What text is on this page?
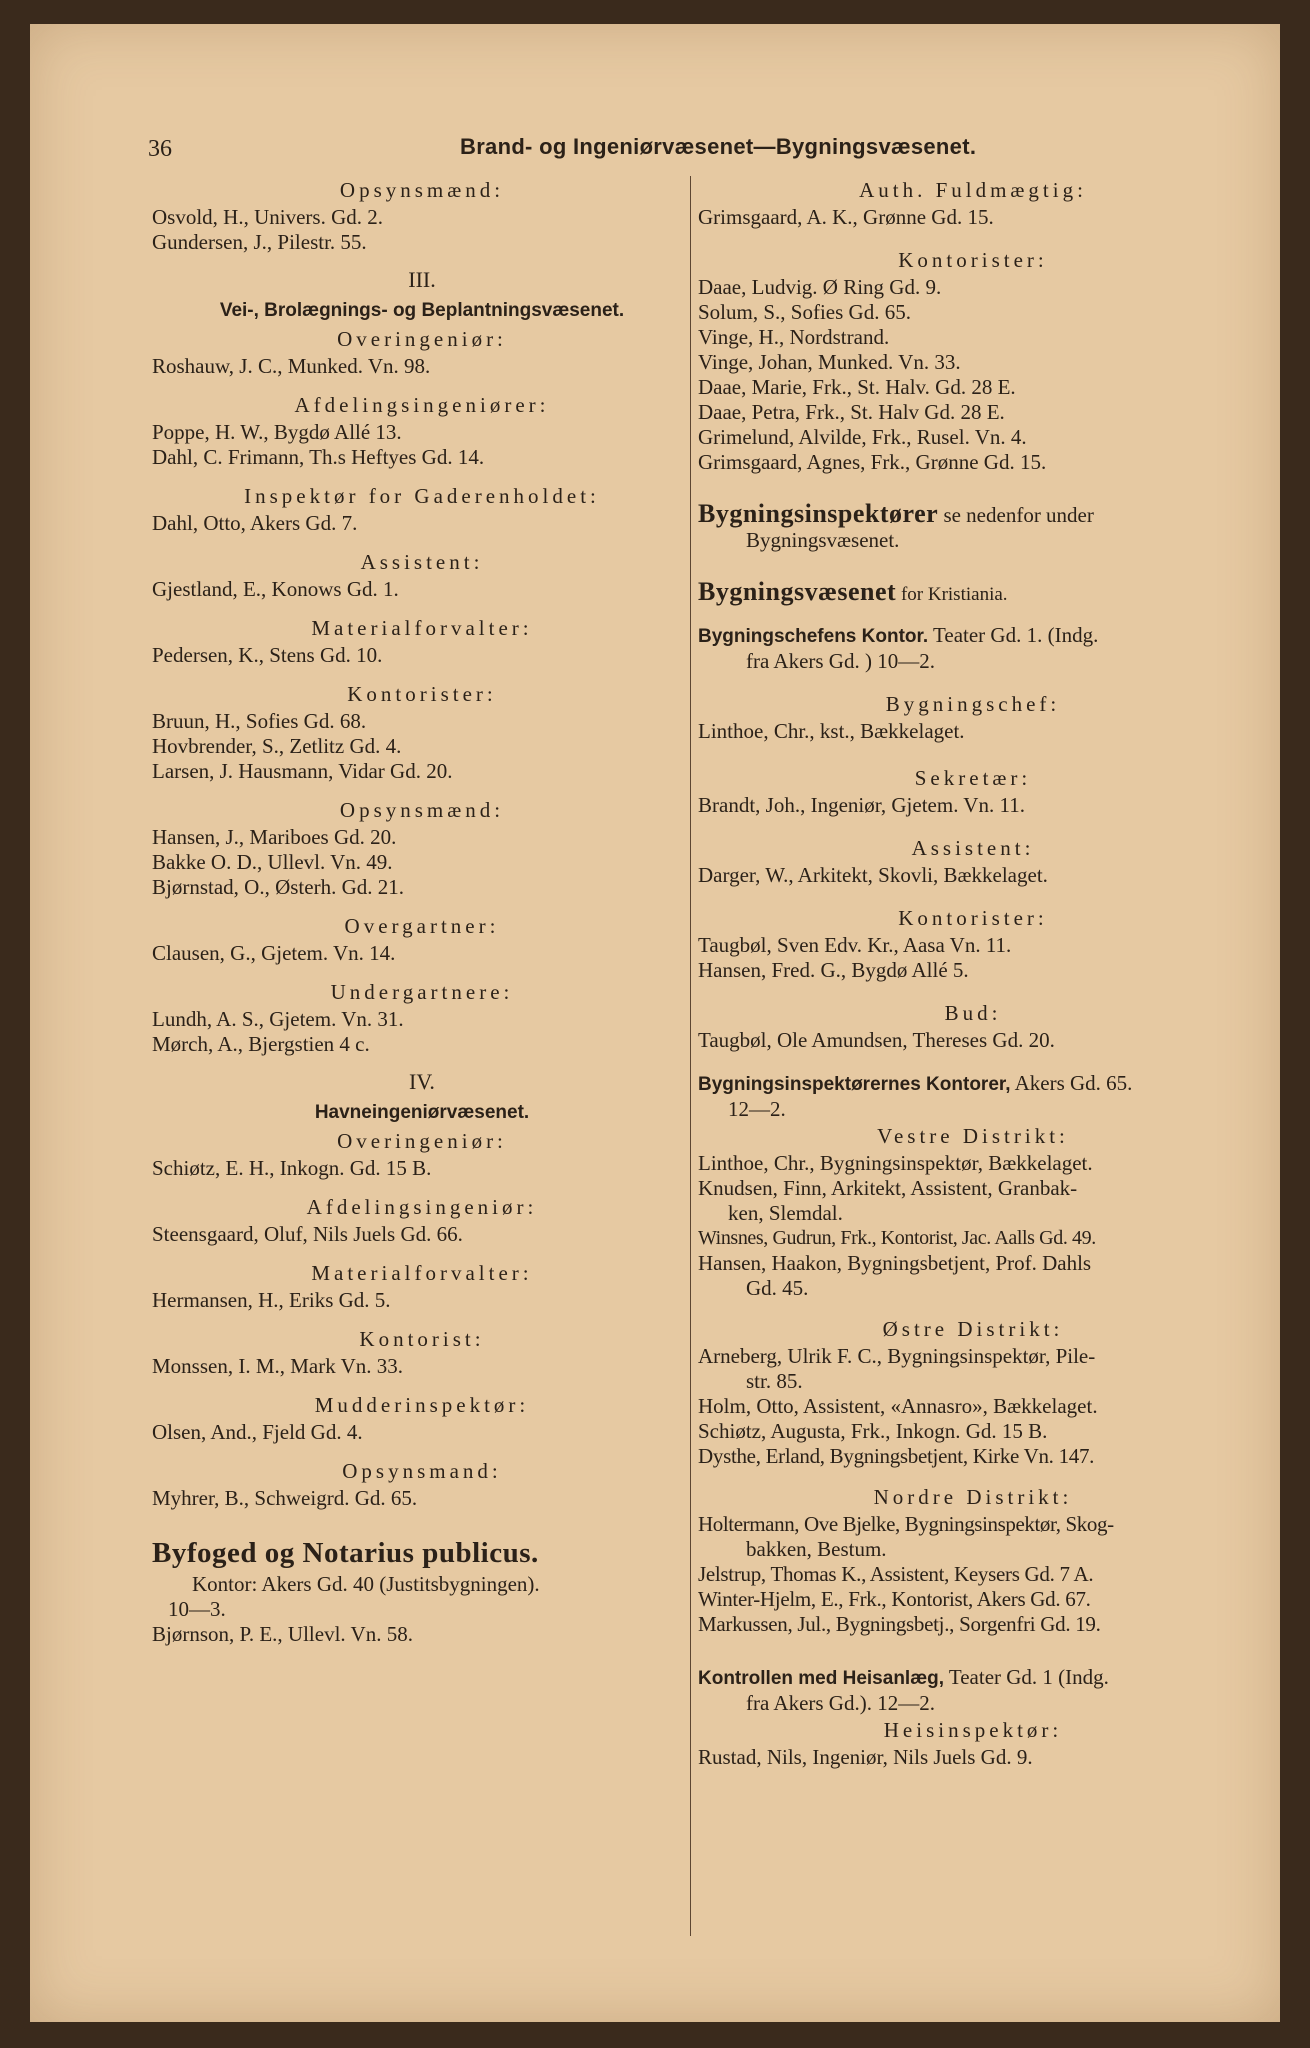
36	Brand- og Ingeniørvæsenet—Bygningsvæsenet.
Opsynsmænd:
Osvold, H., Univers. Gd. 2.
Gundersen, J., Pilestr. 55.
III.
Vei-, Brolægnings- og Beplantningsvæsenet.
Overingeniør:
Roshauw, J. C., Munked. Vn. 98.
Afdelingsingeniører:
Poppe, H. W., Bygdø Allé 13.
Dahl, C. Frimann, Th.s Heftyes Gd. 14.
Inspektør for Gaderenholdet:
Dahl, Otto, Akers Gd. 7.
Assistent:
Gjestland, E., Konows Gd. 1.
Materialforvalter:
Pedersen, K., Stens Gd. 10.
Kontorister:
Bruun, H., Sofies Gd. 68.
Hovbrender, S., Zetlitz Gd. 4.
Larsen, J. Hausmann, Vidar Gd. 20.
Opsynsmænd:
Hansen, J., Mariboes Gd. 20.
Bakke O. D., Ullevl. Vn. 49.
Bjørnstad, O., Østerh. Gd. 21.
Overgartner:
Clausen, G., Gjetem. Vn. 14.
Undergartnere:
Lundh, A. S., Gjetem. Vn. 31.
Mørch, A., Bjergstien 4 c.
IV.
Havneingeniørvæsenet.
Overingeniør:
Schiøtz, E. H., Inkogn. Gd. 15 B.
Afdelingsingeniør:
Steensgaard, Oluf, Nils Juels Gd. 66.
Materialforvalter:
Hermansen, H., Eriks Gd. 5.
Kontorist:
Monssen, I. M., Mark Vn. 33.
Mudderinspektør:
Olsen, And., Fjeld Gd. 4.
Opsynsmand:
Myhrer, B., Schweigrd. Gd. 65.
Byfoged og Notarius publicus.
Kontor: Akers Gd. 40 (Justitsbygningen).
10—3.
Bjørnson, P. E., Ullevl. Vn. 58.
Auth. Fuldmægtig:
Grimsgaard, A. K., Grønne Gd. 15.
Kontorister:
Daae, Ludvig. Ø Ring Gd. 9.
Solum, S., Sofies Gd. 65.
Vinge, H., Nordstrand.
Vinge, Johan, Munked. Vn. 33.
Daae, Marie, Frk., St. Halv. Gd. 28 E.
Daae, Petra, Frk., St. Halv Gd. 28 E.
Grimelund, Alvilde, Frk., Rusel. Vn. 4.
Grimsgaard, Agnes, Frk., Grønne Gd. 15.
Bygningsinspektører se nedenfor under
Bygningsvæsenet.
Bygningsvæsenet for Kristiania.
Bygningschefens Kontor. Teater Gd. 1. (Indg.
fra Akers Gd. ) 10—2.
Bygningschef:
Linthoe, Chr., kst., Bækkelaget.
Sekretær:
Brandt, Joh., Ingeniør, Gjetem. Vn. 11.
Assistent:
Darger, W., Arkitekt, Skovli, Bækkelaget.
Kontorister:
Taugbøl, Sven Edv. Kr., Aasa Vn. 11.
Hansen, Fred. G., Bygdø Allé 5.
Bud:
Taugbøl, Ole Amundsen, Thereses Gd. 20.
Bygningsinspektørernes Kontorer, Akers Gd. 65.
12—2.
Vestre Distrikt:
Linthoe, Chr., Bygningsinspektør, Bækkelaget.
Knudsen, Finn, Arkitekt, Assistent, Granbak-
ken, Slemdal.
Winsnes, Gudrun, Frk., Kontorist, Jac. Aalls Gd. 49.
Hansen, Haakon, Bygningsbetjent, Prof. Dahls
Gd. 45.
Østre Distrikt:
Arneberg, Ulrik F. C., Bygningsinspektør, Pile-
str. 85.
Holm, Otto, Assistent, «Annasro», Bækkelaget.
Schiøtz, Augusta, Frk., Inkogn. Gd. 15 B.
Dysthe, Erland, Bygningsbetjent, Kirke Vn. 147.
Nordre Distrikt:
Holtermann, Ove Bjelke, Bygningsinspektør, Skog-
bakken, Bestum.
Jelstrup, Thomas K., Assistent, Keysers Gd. 7 A.
Winter-Hjelm, E., Frk., Kontorist, Akers Gd. 67.
Markussen, Jul., Bygningsbetj., Sorgenfri Gd. 19.
Kontrollen med Heisanlæg, Teater Gd. 1 (Indg.
fra Akers Gd.). 12—2.
Heisinspektør:
Rustad, Nils, Ingeniør, Nils Juels Gd. 9.
